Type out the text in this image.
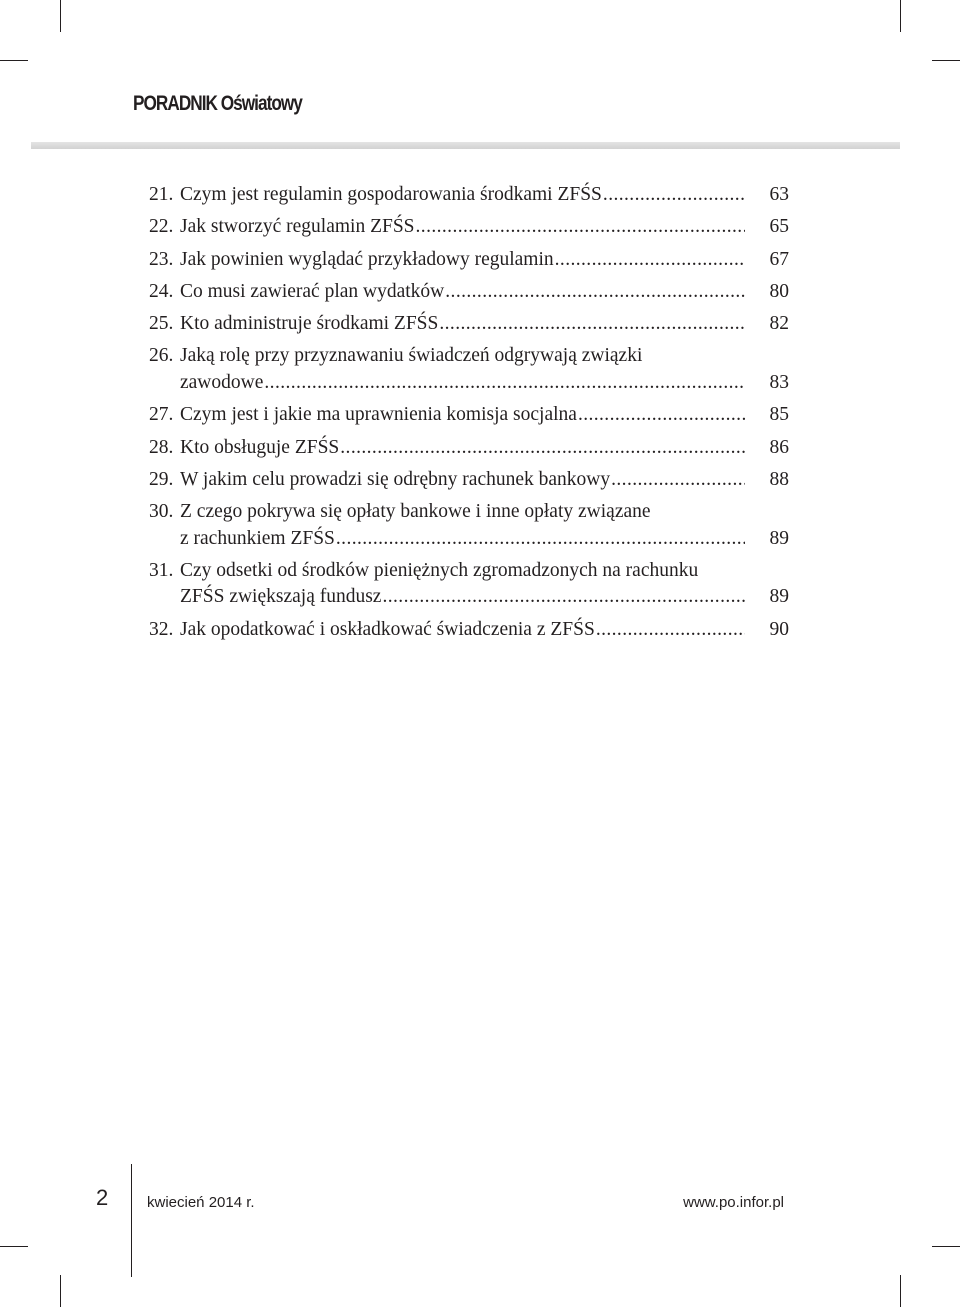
PORADNIK Oświatowy
21. Czym jest regulamin gospodarowania środkami ZFŚS .....	63
22. Jak stworzyć regulamin ZFŚS .....	65
23. Jak powinien wyglądać przykładowy regulamin .....	67
24. Co musi zawierać plan wydatków .....	80
25. Kto administruje środkami ZFŚS .....	82
26. Jaką rolę przy przyznawaniu świadczeń odgrywają związki
zawodowe .....	83
27. Czym jest i jakie ma uprawnienia komisja socjalna .....	85
28. Kto obsługuje ZFŚS .....	86
29. W jakim celu prowadzi się odrębny rachunek bankowy .....	88
30. Z czego pokrywa się opłaty bankowe i inne opłaty związane
z rachunkiem ZFŚS .....	89
31. Czy odsetki od środków pieniężnych zgromadzonych na rachunku
ZFŚS zwiększają fundusz .....	89
32. Jak opodatkować i oskładkować świadczenia z ZFŚS .....	90
2	kwiecień 2014 r.	www.po.infor.pl
